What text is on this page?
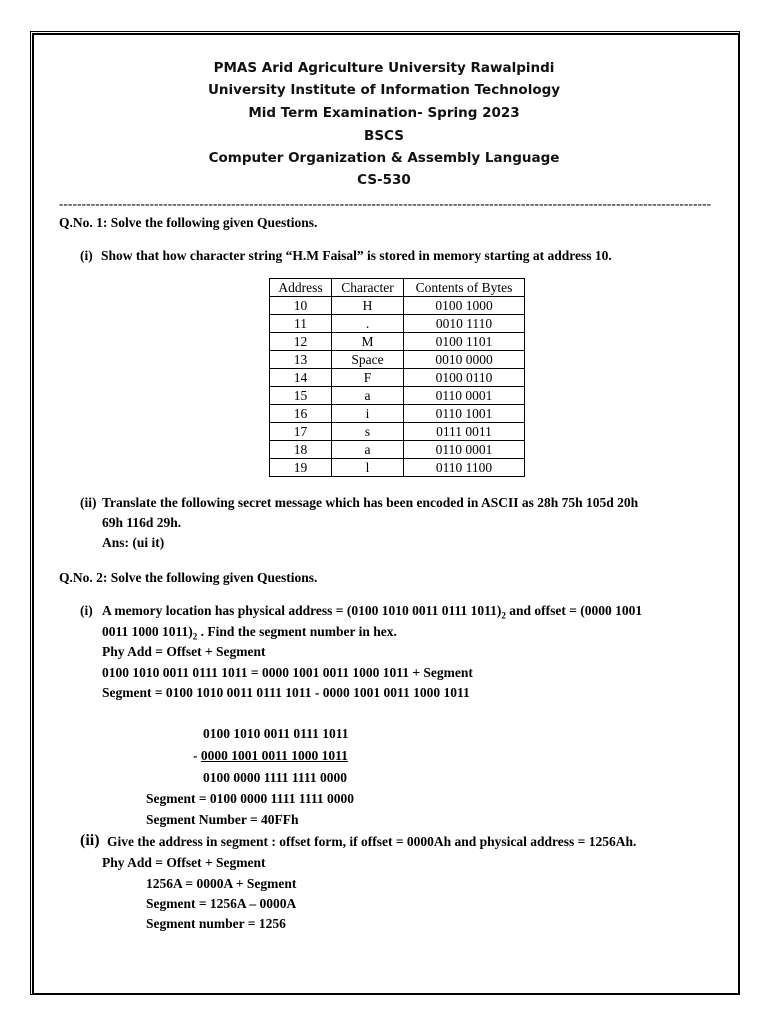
PMAS Arid Agriculture University Rawalpindi
University Institute of Information Technology
Mid Term Examination- Spring 2023
BSCS
Computer Organization & Assembly Language
CS-530
------------------------------------------------------------------------------------------------------------------------------------------------
Q.No. 1: Solve the following given Questions.
(i) Show that how character string “H.M Faisal” is stored in memory starting at address 10.
Address	Character	Contents of Bytes
10	H	0100 1000
11	.	0010 1110
12	M	0100 1101
13	Space	0010 0000
14	F	0100 0110
15	a	0110 0001
16	i	0110 1001
17	s	0111 0011
18	a	0110 0001
19	l	0110 1100
(ii) Translate the following secret message which has been encoded in ASCII as 28h 75h 105d 20h
69h 116d 29h.
Ans: (ui it)
Q.No. 2: Solve the following given Questions.
(i) A memory location has physical address = (0100 1010 0011 0111 $1011)_2$ and offset = (0000 1001
0011 1000 $1011)_2$ . Find the segment number in hex.
Phy Add = Offset + Segment
0100 1010 0011 0111 1011 = 0000 1001 0011 1000 1011 + Segment
Segment = 0100 1010 0011 0111 1011 - 0000 1001 0011 1000 1011
0100 1010 0011 0111 1011
- 0000 1001 0011 1000 1011
0100 0000 1111 1111 0000
Segment = 0100 0000 1111 1111 0000
Segment Number = 40FFh
(ii) Give the address in segment : offset form, if offset = 0000Ah and physical address = 1256Ah.
Phy Add = Offset + Segment
1256A = 0000A + Segment
Segment = 1256A – 0000A
Segment number = 1256
